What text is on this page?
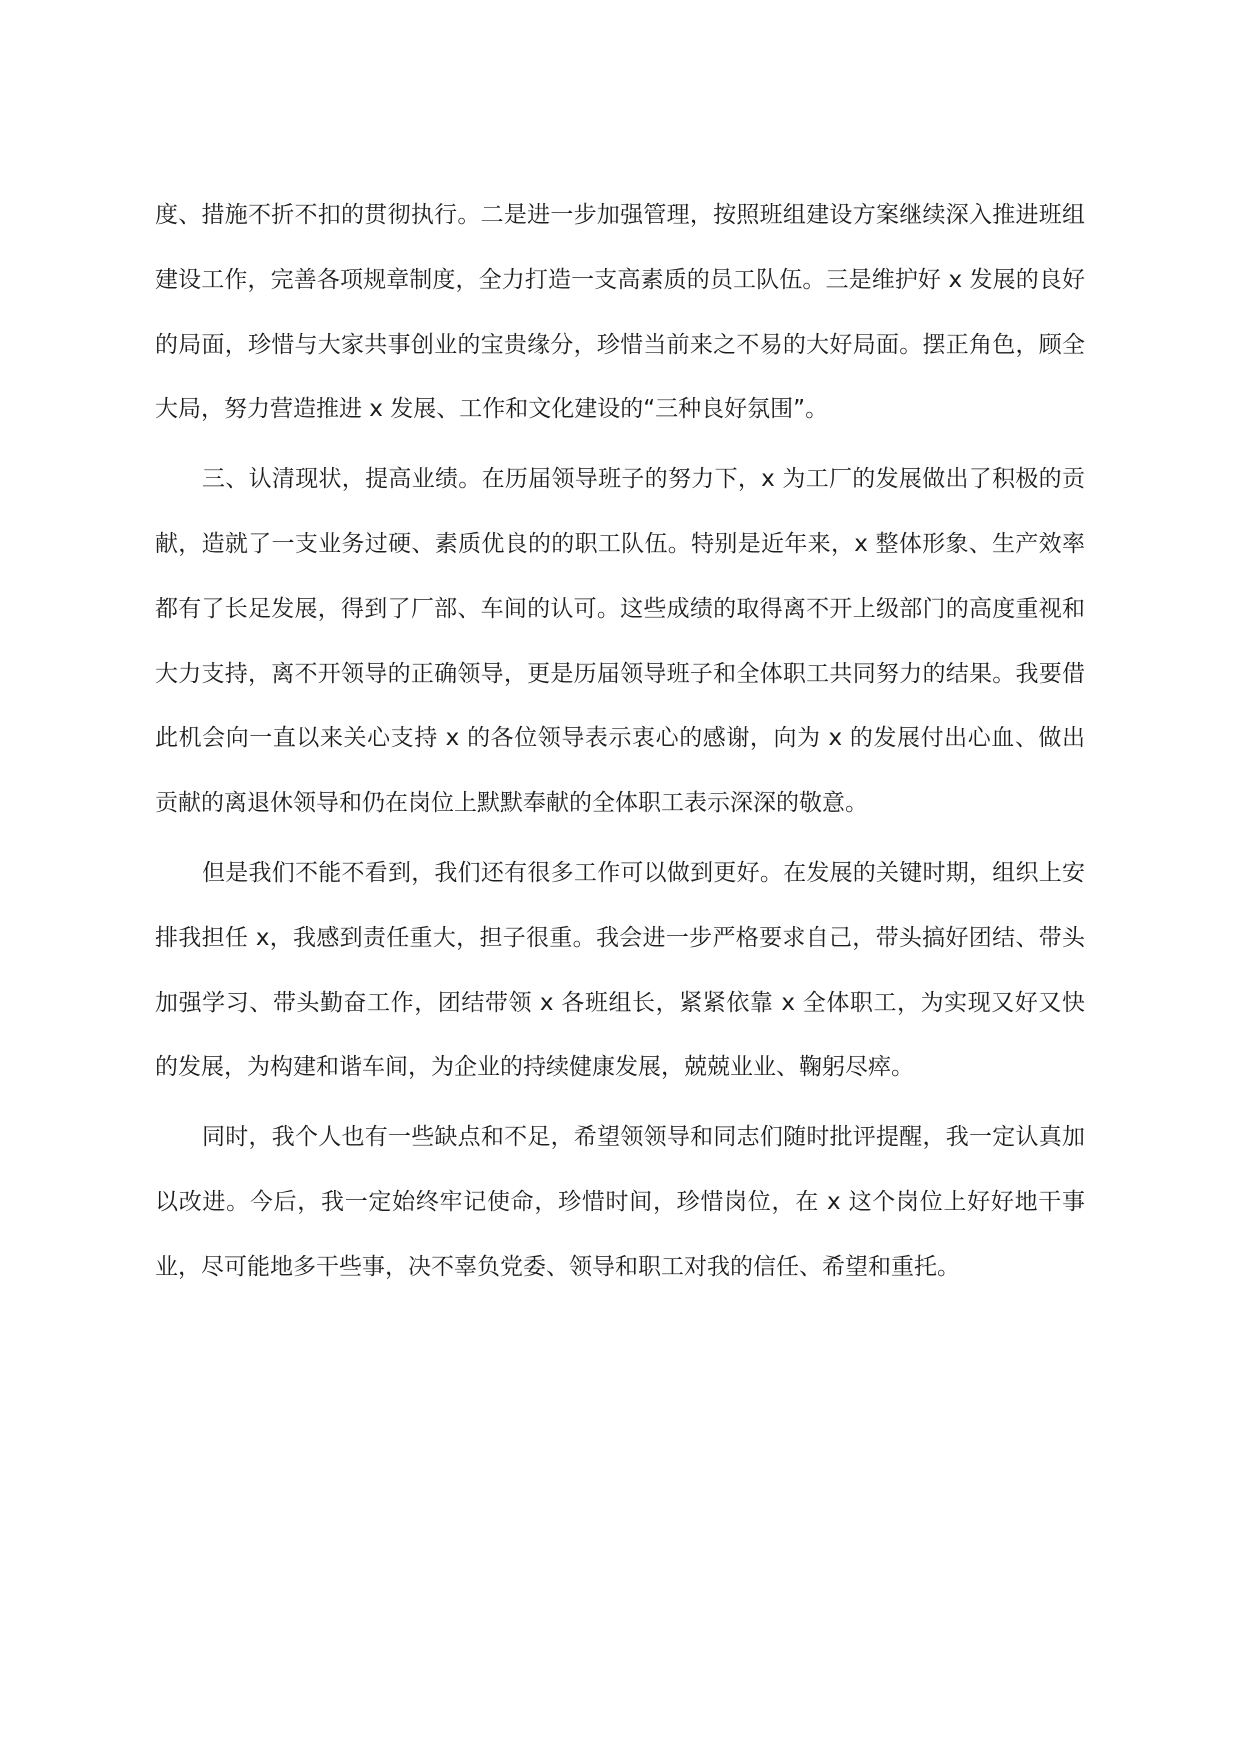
度、措施不折不扣的贯彻执行。二是进一步加强管理，按照班组建设方案继续深入推进班组建设工作，完善各项规章制度，全力打造一支高素质的员工队伍。三是维护好 x 发展的良好的局面，珍惜与大家共事创业的宝贵缘分，珍惜当前来之不易的大好局面。摆正角色，顾全大局，努力营造推进 x 发展、工作和文化建设的“三种良好氛围”。

三、认清现状，提高业绩。在历届领导班子的努力下，x 为工厂的发展做出了积极的贡献，造就了一支业务过硬、素质优良的的职工队伍。特别是近年来，x 整体形象、生产效率都有了长足发展，得到了厂部、车间的认可。这些成绩的取得离不开上级部门的高度重视和大力支持，离不开领导的正确领导，更是历届领导班子和全体职工共同努力的结果。我要借此机会向一直以来关心支持 x 的各位领导表示衷心的感谢，向为 x 的发展付出心血、做出贡献的离退休领导和仍在岗位上默默奉献的全体职工表示深深的敬意。

但是我们不能不看到，我们还有很多工作可以做到更好。在发展的关键时期，组织上安排我担任 x，我感到责任重大，担子很重。我会进一步严格要求自己，带头搞好团结、带头加强学习、带头勤奋工作，团结带领 x 各班组长，紧紧依靠 x 全体职工，为实现又好又快的发展，为构建和谐车间，为企业的持续健康发展，兢兢业业、鞠躬尽瘁。

同时，我个人也有一些缺点和不足，希望领领导和同志们随时批评提醒，我一定认真加以改进。今后，我一定始终牢记使命，珍惜时间，珍惜岗位，在 x 这个岗位上好好地干事业，尽可能地多干些事，决不辜负党委、领导和职工对我的信任、希望和重托。
